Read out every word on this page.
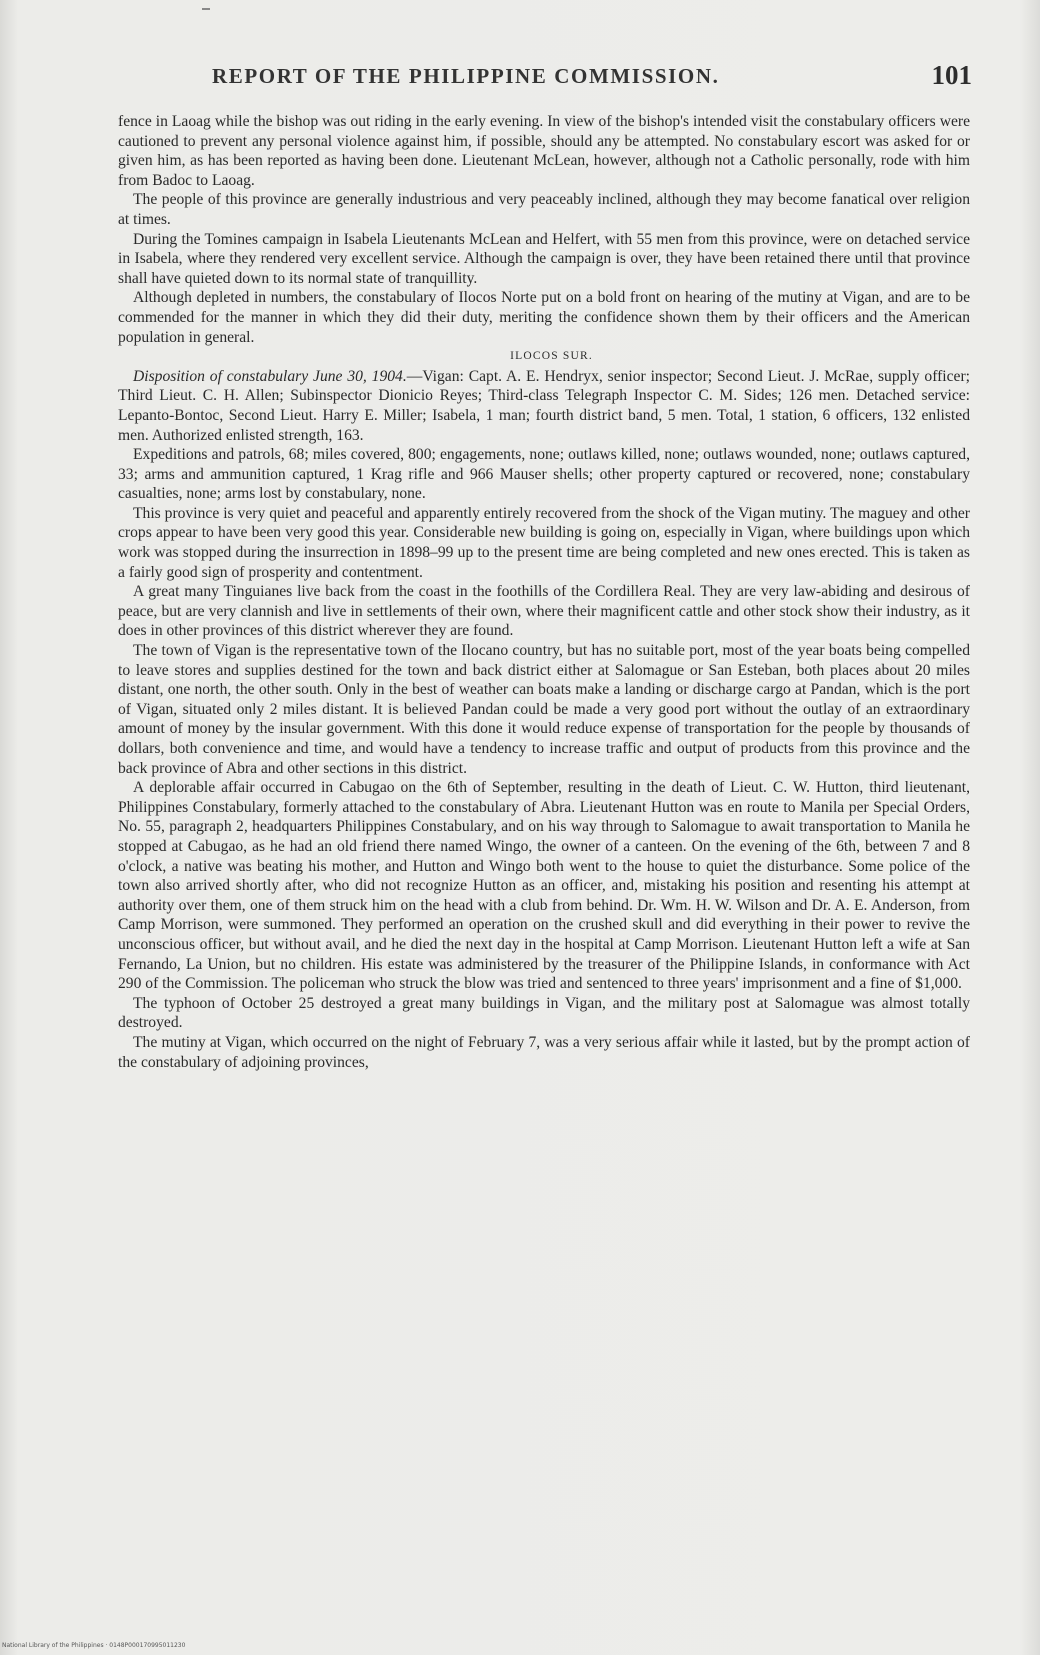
REPORT OF THE PHILIPPINE COMMISSION.	101

fence in Laoag while the bishop was out riding in the early evening. In view of the bishop's intended visit the constabulary officers were cautioned to prevent any personal violence against him, if possible, should any be attempted. No constabulary escort was asked for or given him, as has been reported as having been done. Lieutenant McLean, however, although not a Catholic personally, rode with him from Badoc to Laoag.

The people of this province are generally industrious and very peaceably inclined, although they may become fanatical over religion at times.

During the Tomines campaign in Isabela Lieutenants McLean and Helfert, with 55 men from this province, were on detached service in Isabela, where they rendered very excellent service. Although the campaign is over, they have been retained there until that province shall have quieted down to its normal state of tranquillity.

Although depleted in numbers, the constabulary of Ilocos Norte put on a bold front on hearing of the mutiny at Vigan, and are to be commended for the manner in which they did their duty, meriting the confidence shown them by their officers and the American population in general.

ILOCOS SUR.

Disposition of constabulary June 30, 1904.—Vigan: Capt. A. E. Hendryx, senior inspector; Second Lieut. J. McRae, supply officer; Third Lieut. C. H. Allen; Subinspector Dionicio Reyes; Third-class Telegraph Inspector C. M. Sides; 126 men. Detached service: Lepanto-Bontoc, Second Lieut. Harry E. Miller; Isabela, 1 man; fourth district band, 5 men. Total, 1 station, 6 officers, 132 enlisted men. Authorized enlisted strength, 163.

Expeditions and patrols, 68; miles covered, 800; engagements, none; outlaws killed, none; outlaws wounded, none; outlaws captured, 33; arms and ammunition captured, 1 Krag rifle and 966 Mauser shells; other property captured or recovered, none; constabulary casualties, none; arms lost by constabulary, none.

This province is very quiet and peaceful and apparently entirely recovered from the shock of the Vigan mutiny. The maguey and other crops appear to have been very good this year. Considerable new building is going on, especially in Vigan, where buildings upon which work was stopped during the insurrection in 1898–99 up to the present time are being completed and new ones erected. This is taken as a fairly good sign of prosperity and contentment.

A great many Tinguianes live back from the coast in the foothills of the Cordillera Real. They are very law-abiding and desirous of peace, but are very clannish and live in settlements of their own, where their magnificent cattle and other stock show their industry, as it does in other provinces of this district wherever they are found.

The town of Vigan is the representative town of the Ilocano country, but has no suitable port, most of the year boats being compelled to leave stores and supplies destined for the town and back district either at Salomague or San Esteban, both places about 20 miles distant, one north, the other south. Only in the best of weather can boats make a landing or discharge cargo at Pandan, which is the port of Vigan, situated only 2 miles distant. It is believed Pandan could be made a very good port without the outlay of an extraordinary amount of money by the insular government. With this done it would reduce expense of transportation for the people by thousands of dollars, both convenience and time, and would have a tendency to increase traffic and output of products from this province and the back province of Abra and other sections in this district.

A deplorable affair occurred in Cabugao on the 6th of September, resulting in the death of Lieut. C. W. Hutton, third lieutenant, Philippines Constabulary, formerly attached to the constabulary of Abra. Lieutenant Hutton was en route to Manila per Special Orders, No. 55, paragraph 2, headquarters Philippines Constabulary, and on his way through to Salomague to await transportation to Manila he stopped at Cabugao, as he had an old friend there named Wingo, the owner of a canteen. On the evening of the 6th, between 7 and 8 o'clock, a native was beating his mother, and Hutton and Wingo both went to the house to quiet the disturbance. Some police of the town also arrived shortly after, who did not recognize Hutton as an officer, and, mistaking his position and resenting his attempt at authority over them, one of them struck him on the head with a club from behind. Dr. Wm. H. W. Wilson and Dr. A. E. Anderson, from Camp Morrison, were summoned. They performed an operation on the crushed skull and did everything in their power to revive the unconscious officer, but without avail, and he died the next day in the hospital at Camp Morrison. Lieutenant Hutton left a wife at San Fernando, La Union, but no children. His estate was administered by the treasurer of the Philippine Islands, in conformance with Act 290 of the Commission. The policeman who struck the blow was tried and sentenced to three years' imprisonment and a fine of $1,000.

The typhoon of October 25 destroyed a great many buildings in Vigan, and the military post at Salomague was almost totally destroyed.

The mutiny at Vigan, which occurred on the night of February 7, was a very serious affair while it lasted, but by the prompt action of the constabulary of adjoining provinces,

National Library of the Philippines · 0148P000170995011230
